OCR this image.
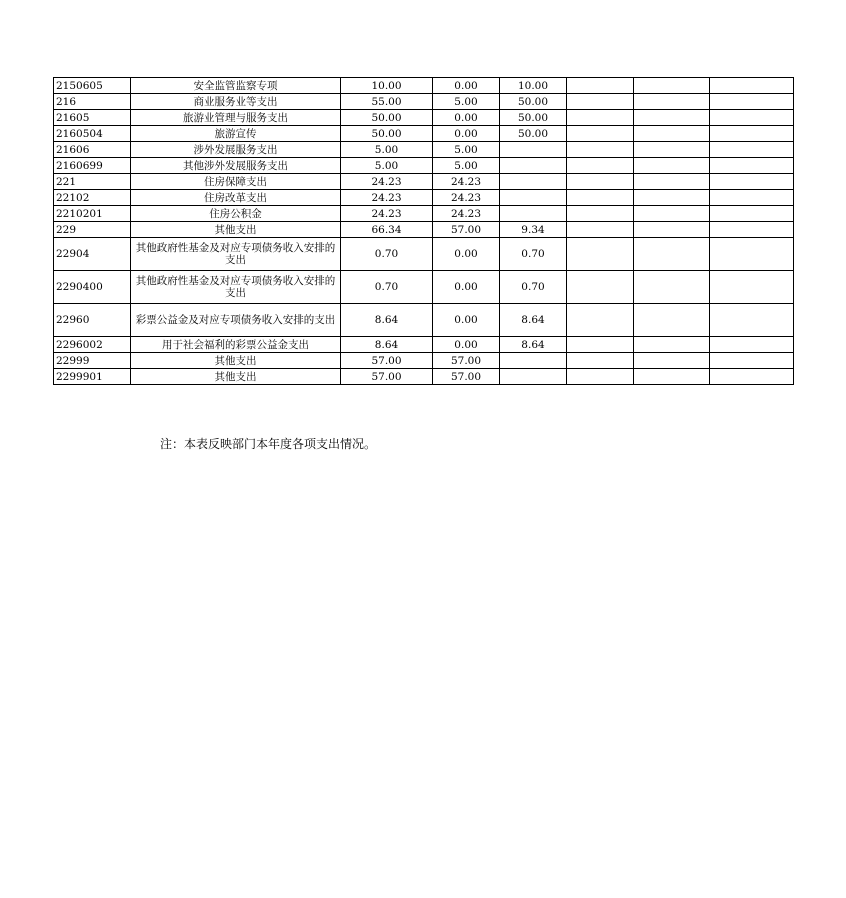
2150605	安全监管监察专项	10.00	0.00	10.00			
216	商业服务业等支出	55.00	5.00	50.00			
21605	旅游业管理与服务支出	50.00	0.00	50.00			
2160504	旅游宣传	50.00	0.00	50.00			
21606	涉外发展服务支出	5.00	5.00				
2160699	其他涉外发展服务支出	5.00	5.00				
221	住房保障支出	24.23	24.23				
22102	住房改革支出	24.23	24.23				
2210201	住房公积金	24.23	24.23				
229	其他支出	66.34	57.00	9.34			
22904	其他政府性基金及对应专项债务收入安排的支出	0.70	0.00	0.70			
2290400	其他政府性基金及对应专项债务收入安排的支出	0.70	0.00	0.70			
22960	彩票公益金及对应专项债务收入安排的支出	8.64	0.00	8.64			
2296002	用于社会福利的彩票公益金支出	8.64	0.00	8.64			
22999	其他支出	57.00	57.00				
2299901	其他支出	57.00	57.00				
注：本表反映部门本年度各项支出情况。
